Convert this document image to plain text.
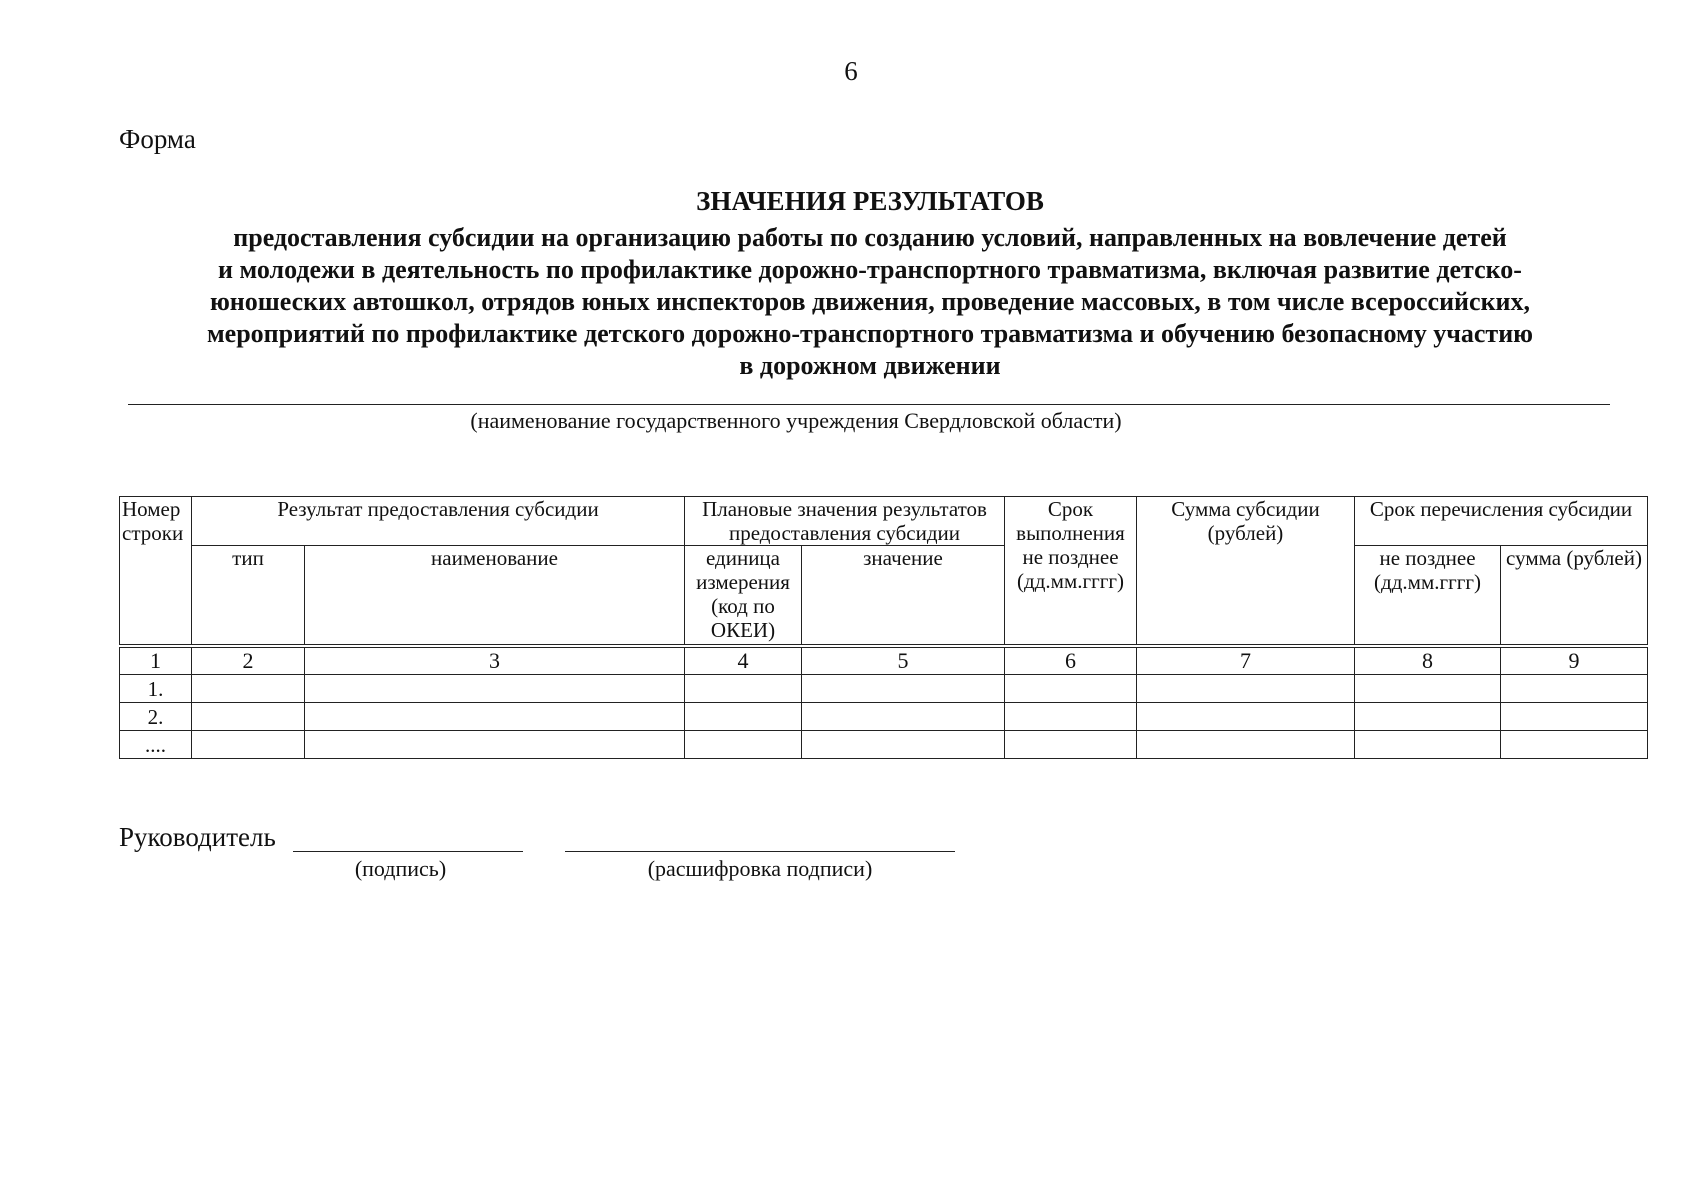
6
Форма
ЗНАЧЕНИЯ РЕЗУЛЬТАТОВ
предоставления субсидии на организацию работы по созданию условий, направленных на вовлечение детей
и молодежи в деятельность по профилактике дорожно-транспортного травматизма, включая развитие детско-
юношеских автошкол, отрядов юных инспекторов движения, проведение массовых, в том числе всероссийских,
мероприятий по профилактике детского дорожно-транспортного травматизма и обучению безопасному участию
в дорожном движении
(наименование государственного учреждения Свердловской области)
Номер строки	Результат предоставления субсидии		Плановые значения результатов предоставления субсидии		Срок выполнения не позднее (дд.мм.гггг)	Сумма субсидии (рублей)	Срок перечисления субсидии	
	тип	наименование	единица измерения (код по ОКЕИ)	значение			не позднее (дд.мм.гггг)	сумма (рублей)

1	2	3	4	5	6	7	8	9
1.								
2.								
....								
Руководитель
(подпись)	(расшифровка подписи)
